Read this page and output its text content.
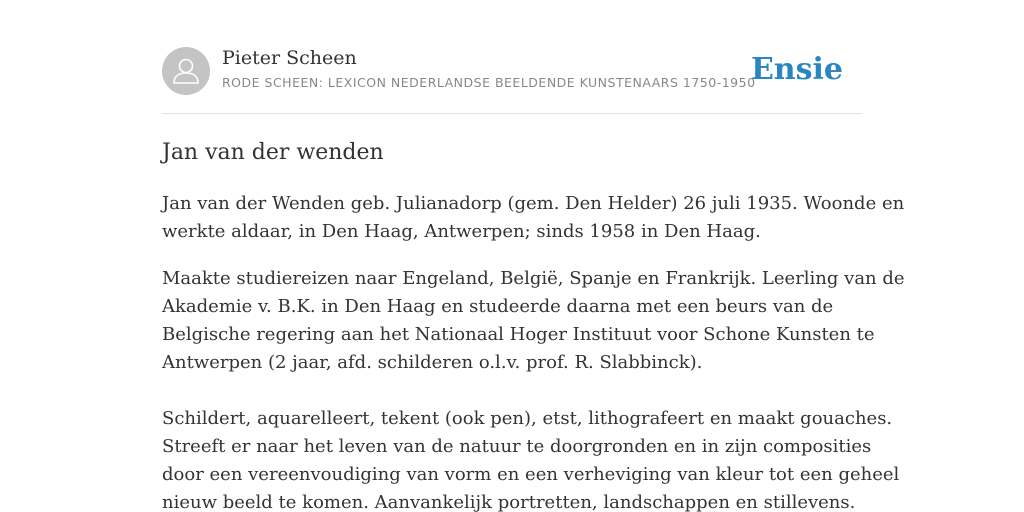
Pieter Scheen
RODE SCHEEN: LEXICON NEDERLANDSE BEELDENDE KUNSTENAARS 1750-1950
Ensie
Jan van der wenden

Jan van der Wenden geb. Julianadorp (gem. Den Helder) 26 juli 1935. Woonde en
werkte aldaar, in Den Haag, Antwerpen; sinds 1958 in Den Haag.

Maakte studiereizen naar Engeland, België, Spanje en Frankrijk. Leerling van de
Akademie v. B.K. in Den Haag en studeerde daarna met een beurs van de
Belgische regering aan het Nationaal Hoger Instituut voor Schone Kunsten te
Antwerpen (2 jaar, afd. schilderen o.l.v. prof. R. Slabbinck).

Schildert, aquarelleert, tekent (ook pen), etst, lithografeert en maakt gouaches.
Streeft er naar het leven van de natuur te doorgronden en in zijn composities
door een vereenvoudiging van vorm en een verheviging van kleur tot een geheel
nieuw beeld te komen. Aanvankelijk portretten, landschappen en stillevens.
